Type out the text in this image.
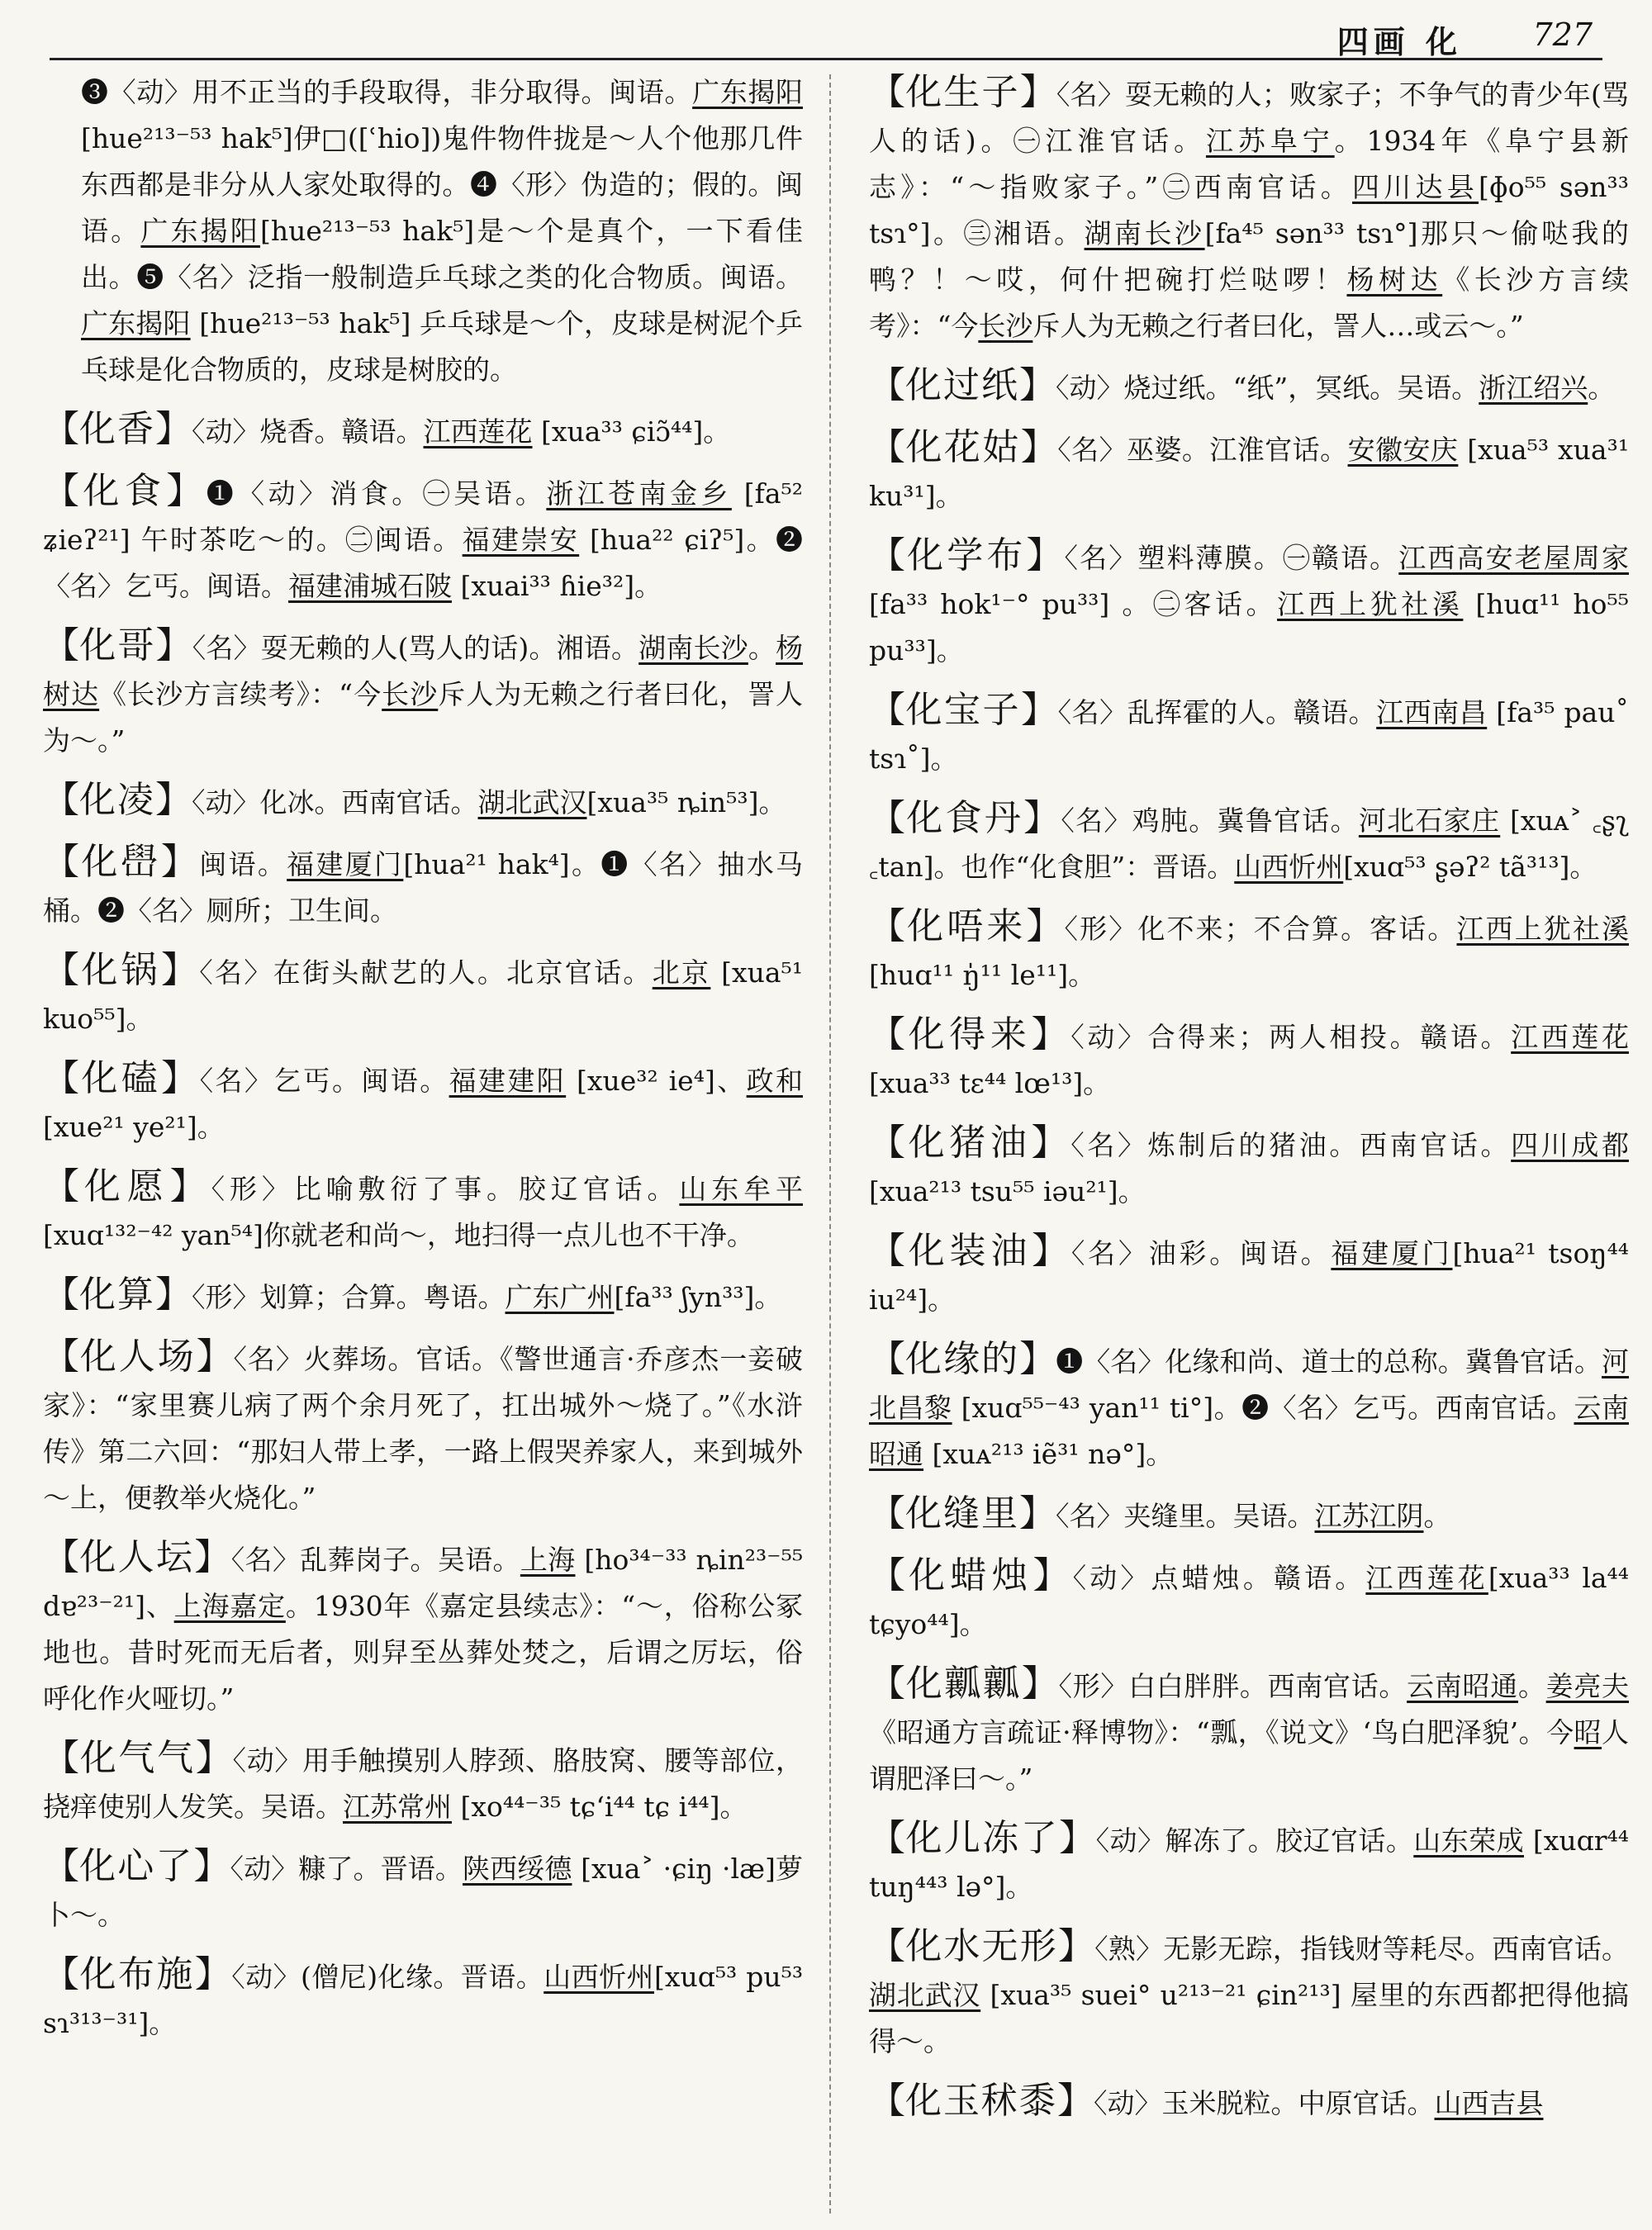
四画 化 727
❸〈动〉用不正当的手段取得，非分取得。闽语。广东揭阳[hue²¹³⁻⁵³ hak⁵]伊□([ʿhio])鬼件物件拢是～人个他那几件东西都是非分从人家处取得的。❹〈形〉伪造的；假的。闽语。广东揭阳[hue²¹³⁻⁵³ hak⁵]是～个是真个，一下看佳出。❺〈名〉泛指一般制造乒乓球之类的化合物质。闽语。广东揭阳 [hue²¹³⁻⁵³ hak⁵] 乒乓球是～个，皮球是树泥个乒乓球是化合物质的，皮球是树胶的。
【化香】〈动〉烧香。赣语。江西莲花 [xua³³ ɕiɔ̃⁴⁴]。
【化食】❶〈动〉消食。㊀吴语。浙江苍南金乡 [fa⁵² ʑieʔ²¹] 午时茶吃～的。㊁闽语。福建崇安 [hua²² ɕiʔ⁵]。❷〈名〉乞丐。闽语。福建浦城石陂 [xuai³³ ɦie³²]。
【化哥】〈名〉耍无赖的人(骂人的话)。湘语。湖南长沙。杨树达《长沙方言续考》：“今长沙斥人为无赖之行者曰化，詈人为～。”
【化凌】〈动〉化冰。西南官话。湖北武汉[xua³⁵ ȵin⁵³]。
【化嶨】闽语。福建厦门[hua²¹ hak⁴]。❶〈名〉抽水马桶。❷〈名〉厕所；卫生间。
【化锅】〈名〉在街头献艺的人。北京官话。北京 [xua⁵¹ kuo⁵⁵]。
【化磕】〈名〉乞丐。闽语。福建建阳 [xue³² ie⁴]、政和[xue²¹ ye²¹]。
【化愿】〈形〉比喻敷衍了事。胶辽官话。山东牟平[xuɑ¹³²⁻⁴² yan⁵⁴]你就老和尚～，地扫得一点儿也不干净。
【化算】〈形〉划算；合算。粤语。广东广州[fa³³ ʃyn³³]。
【化人场】〈名〉火葬场。官话。《警世通言·乔彦杰一妾破家》：“家里赛儿病了两个余月死了，扛出城外～烧了。”《水浒传》第二六回：“那妇人带上孝，一路上假哭养家人，来到城外～上，便教举火烧化。”
【化人坛】〈名〉乱葬岗子。吴语。上海 [ho³⁴⁻³³ ȵin²³⁻⁵⁵ dɐ²³⁻²¹]、上海嘉定。1930年《嘉定县续志》：“～，俗称公冢地也。昔时死而无后者，则舁至丛葬处焚之，后谓之厉坛，俗呼化作火哑切。”
【化气气】〈动〉用手触摸别人脖颈、胳肢窝、腰等部位，挠痒使别人发笑。吴语。江苏常州 [xo⁴⁴⁻³⁵ tɕʻi⁴⁴ tɕ i⁴⁴]。
【化心了】〈动〉糠了。晋语。陕西绥德 [xua˃ ·ɕiŋ ·læ]萝卜～。
【化布施】〈动〉(僧尼)化缘。晋语。山西忻州[xuɑ⁵³ pu⁵³ sɿ³¹³⁻³¹]。
【化生子】〈名〉耍无赖的人；败家子；不争气的青少年(骂人的话)。㊀江淮官话。江苏阜宁。1934年《阜宁县新志》：“～指败家子。”㊁西南官话。四川达县[ɸo⁵⁵ sən³³ tsɿ°]。㊂湘语。湖南长沙[fa⁴⁵ sən³³ tsɿ°]那只～偷哒我的鸭？！～哎，何什把碗打烂哒啰！杨树达《长沙方言续考》：“今长沙斥人为无赖之行者曰化，詈人…或云～。”
【化过纸】〈动〉烧过纸。“纸”，冥纸。吴语。浙江绍兴。
【化花姑】〈名〉巫婆。江淮官话。安徽安庆 [xua⁵³ xua³¹ ku³¹]。
【化学布】〈名〉塑料薄膜。㊀赣语。江西高安老屋周家 [fa³³ hok¹⁻° pu³³] 。㊁客话。江西上犹社溪 [huɑ¹¹ ho⁵⁵ pu³³]。
【化宝子】〈名〉乱挥霍的人。赣语。江西南昌 [fa³⁵ pau˚ tsɿ˚]。
【化食丹】〈名〉鸡肫。冀鲁官话。河北石家庄 [xuᴀ˃ ꜀ʂʅ ꜀tan]。也作“化食胆”：晋语。山西忻州[xuɑ⁵³ ʂəʔ² tã³¹³]。
【化唔来】〈形〉化不来；不合算。客话。江西上犹社溪[huɑ¹¹ ŋ̍¹¹ le¹¹]。
【化得来】〈动〉合得来；两人相投。赣语。江西莲花 [xua³³ tɛ⁴⁴ lœ¹³]。
【化猪油】〈名〉炼制后的猪油。西南官话。四川成都 [xua²¹³ tsu⁵⁵ iəu²¹]。
【化装油】〈名〉油彩。闽语。福建厦门[hua²¹ tsoŋ⁴⁴ iu²⁴]。
【化缘的】❶〈名〉化缘和尚、道士的总称。冀鲁官话。河北昌黎 [xuɑ⁵⁵⁻⁴³ yan¹¹ ti°]。❷〈名〉乞丐。西南官话。云南昭通 [xuᴀ²¹³ iẽ³¹ nə°]。
【化缝里】〈名〉夹缝里。吴语。江苏江阴。
【化蜡烛】〈动〉点蜡烛。赣语。江西莲花[xua³³ la⁴⁴ tɕyo⁴⁴]。
【化瓤瓤】〈形〉白白胖胖。西南官话。云南昭通。姜亮夫《昭通方言疏证·释博物》：“瓢，《说文》‘鸟白肥泽貌’。今昭人谓肥泽曰～。”
【化儿冻了】〈动〉解冻了。胶辽官话。山东荣成 [xuɑr⁴⁴ tuŋ⁴⁴³ lə°]。
【化水无形】〈熟〉无影无踪，指钱财等耗尽。西南官话。湖北武汉 [xua³⁵ suei° u²¹³⁻²¹ ɕin²¹³] 屋里的东西都把得他搞得～。
【化玉秫黍】〈动〉玉米脱粒。中原官话。山西吉县
